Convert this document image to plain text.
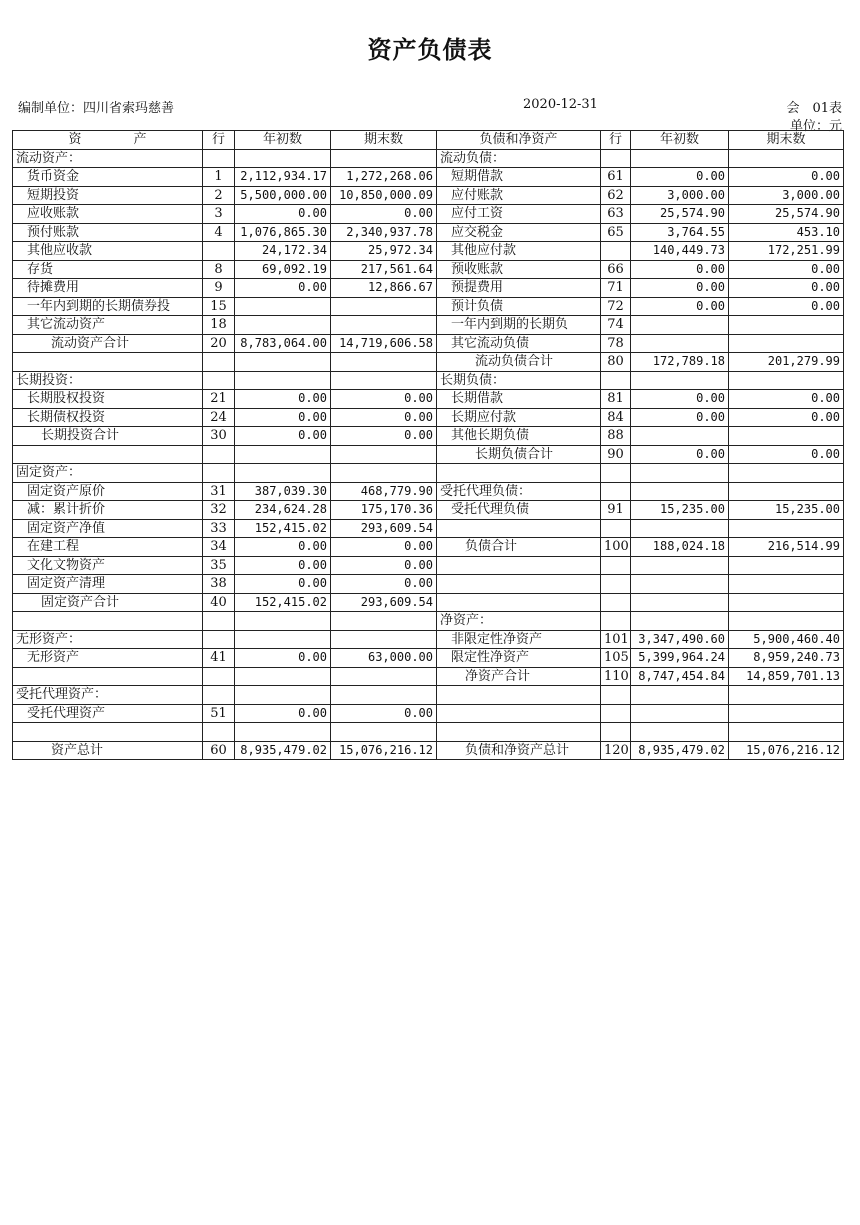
资产负债表
编制单位：四川省索玛慈善	2020-12-31	会　01表
单位：元
资　　　　产	行	年初数	期末数	负债和净资产	行	年初数	期末数
流动资产：				流动负债：			
货币资金	1	2,112,934.17	1,272,268.06	短期借款	61	0.00	0.00
短期投资	2	5,500,000.00	10,850,000.09	应付账款	62	3,000.00	3,000.00
应收账款	3	0.00	0.00	应付工资	63	25,574.90	25,574.90
预付账款	4	1,076,865.30	2,340,937.78	应交税金	65	3,764.55	453.10
其他应收款		24,172.34	25,972.34	其他应付款		140,449.73	172,251.99
存货	8	69,092.19	217,561.64	预收账款	66	0.00	0.00
待摊费用	9	0.00	12,866.67	预提费用	71	0.00	0.00
一年内到期的长期债券投	15			预计负债	72	0.00	0.00
其它流动资产	18			一年内到期的长期负	74		
流动资产合计	20	8,783,064.00	14,719,606.58	其它流动负债	78		
				流动负债合计	80	172,789.18	201,279.99
长期投资：				长期负债：			
长期股权投资	21	0.00	0.00	长期借款	81	0.00	0.00
长期债权投资	24	0.00	0.00	长期应付款	84	0.00	0.00
长期投资合计	30	0.00	0.00	其他长期负债	88		
				长期负债合计	90	0.00	0.00
固定资产：							
固定资产原价	31	387,039.30	468,779.90	受托代理负债：			
减：累计折价	32	234,624.28	175,170.36	受托代理负债	91	15,235.00	15,235.00
固定资产净值	33	152,415.02	293,609.54				
在建工程	34	0.00	0.00	负债合计	100	188,024.18	216,514.99
文化文物资产	35	0.00	0.00				
固定资产清理	38	0.00	0.00				
固定资产合计	40	152,415.02	293,609.54				
				净资产：			
无形资产：				非限定性净资产	101	3,347,490.60	5,900,460.40
无形资产	41	0.00	63,000.00	限定性净资产	105	5,399,964.24	8,959,240.73
				净资产合计	110	8,747,454.84	14,859,701.13
受托代理资产：							
受托代理资产	51	0.00	0.00				

资产总计	60	8,935,479.02	15,076,216.12	负债和净资产总计	120	8,935,479.02	15,076,216.12
